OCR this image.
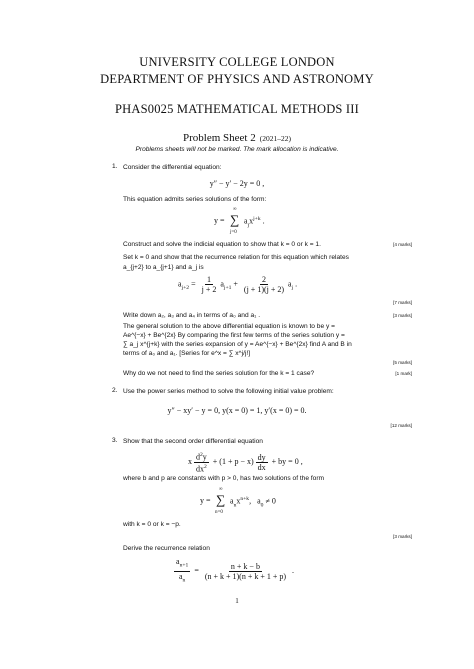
UNIVERSITY COLLEGE LONDON
DEPARTMENT OF PHYSICS AND ASTRONOMY
PHAS0025 MATHEMATICAL METHODS III
Problem Sheet 2 (2021–22)
Problems sheets will not be marked. The mark allocation is indicative.
1. Consider the differential equation:
y″ − y′ − 2y = 0 ,
This equation admits series solutions of the form:
y =
∞
∑
j=0
$a_jx^{j+k}$ .
Construct and solve the indicial equation to show that k = 0 or k = 1.	[4 marks]
Set k = 0 and show that the recurrence relation for this equation which relates
a_{j+2} to a_{j+1} and a_j is
$a_{j+2} = \frac{1}{j + 2} a_{j+1} + \frac{2}{(j + 1)(j + 2)} a_j$ .
[7 marks]
Write down a₂, a₃ and a₄ in terms of a₀ and a₁ .	[3 marks]
The general solution to the above differential equation is known to be y =
Ae^{−x} + Be^{2x} By comparing the first few terms of the series solution y =
∑ a_j x^{j+k} with the series expansion of y = Ae^{−x} + Be^{2x} find A and B in
terms of a₀ and a₁. [Series for e^x = ∑ x^j/j!]
[5 marks]
Why do we not need to find the series solution for the k = 1 case?	[1 mark]
2. Use the power series method to solve the following initial value problem:
y″ − xy′ − y = 0, y(x = 0) = 1, y′(x = 0) = 0.
[12 marks]
3. Show that the second order differential equation
x $\frac{d^2y}{dx^2} + (1 + p - x) \frac{dy}{dx}$ + by = 0 ,
where b and p are constants with p > 0, has two solutions of the form
y =
∞
∑
n=0
$a_nx^{n+k}$,   $a_0 \ne 0$
with k = 0 or k = −p.
[3 marks]
Derive the recurrence relation
$\frac{a_{n+1}}{a_n} = \frac{n + k - b}{(n + k + 1)(n + k + 1 + p)}$ .
1
